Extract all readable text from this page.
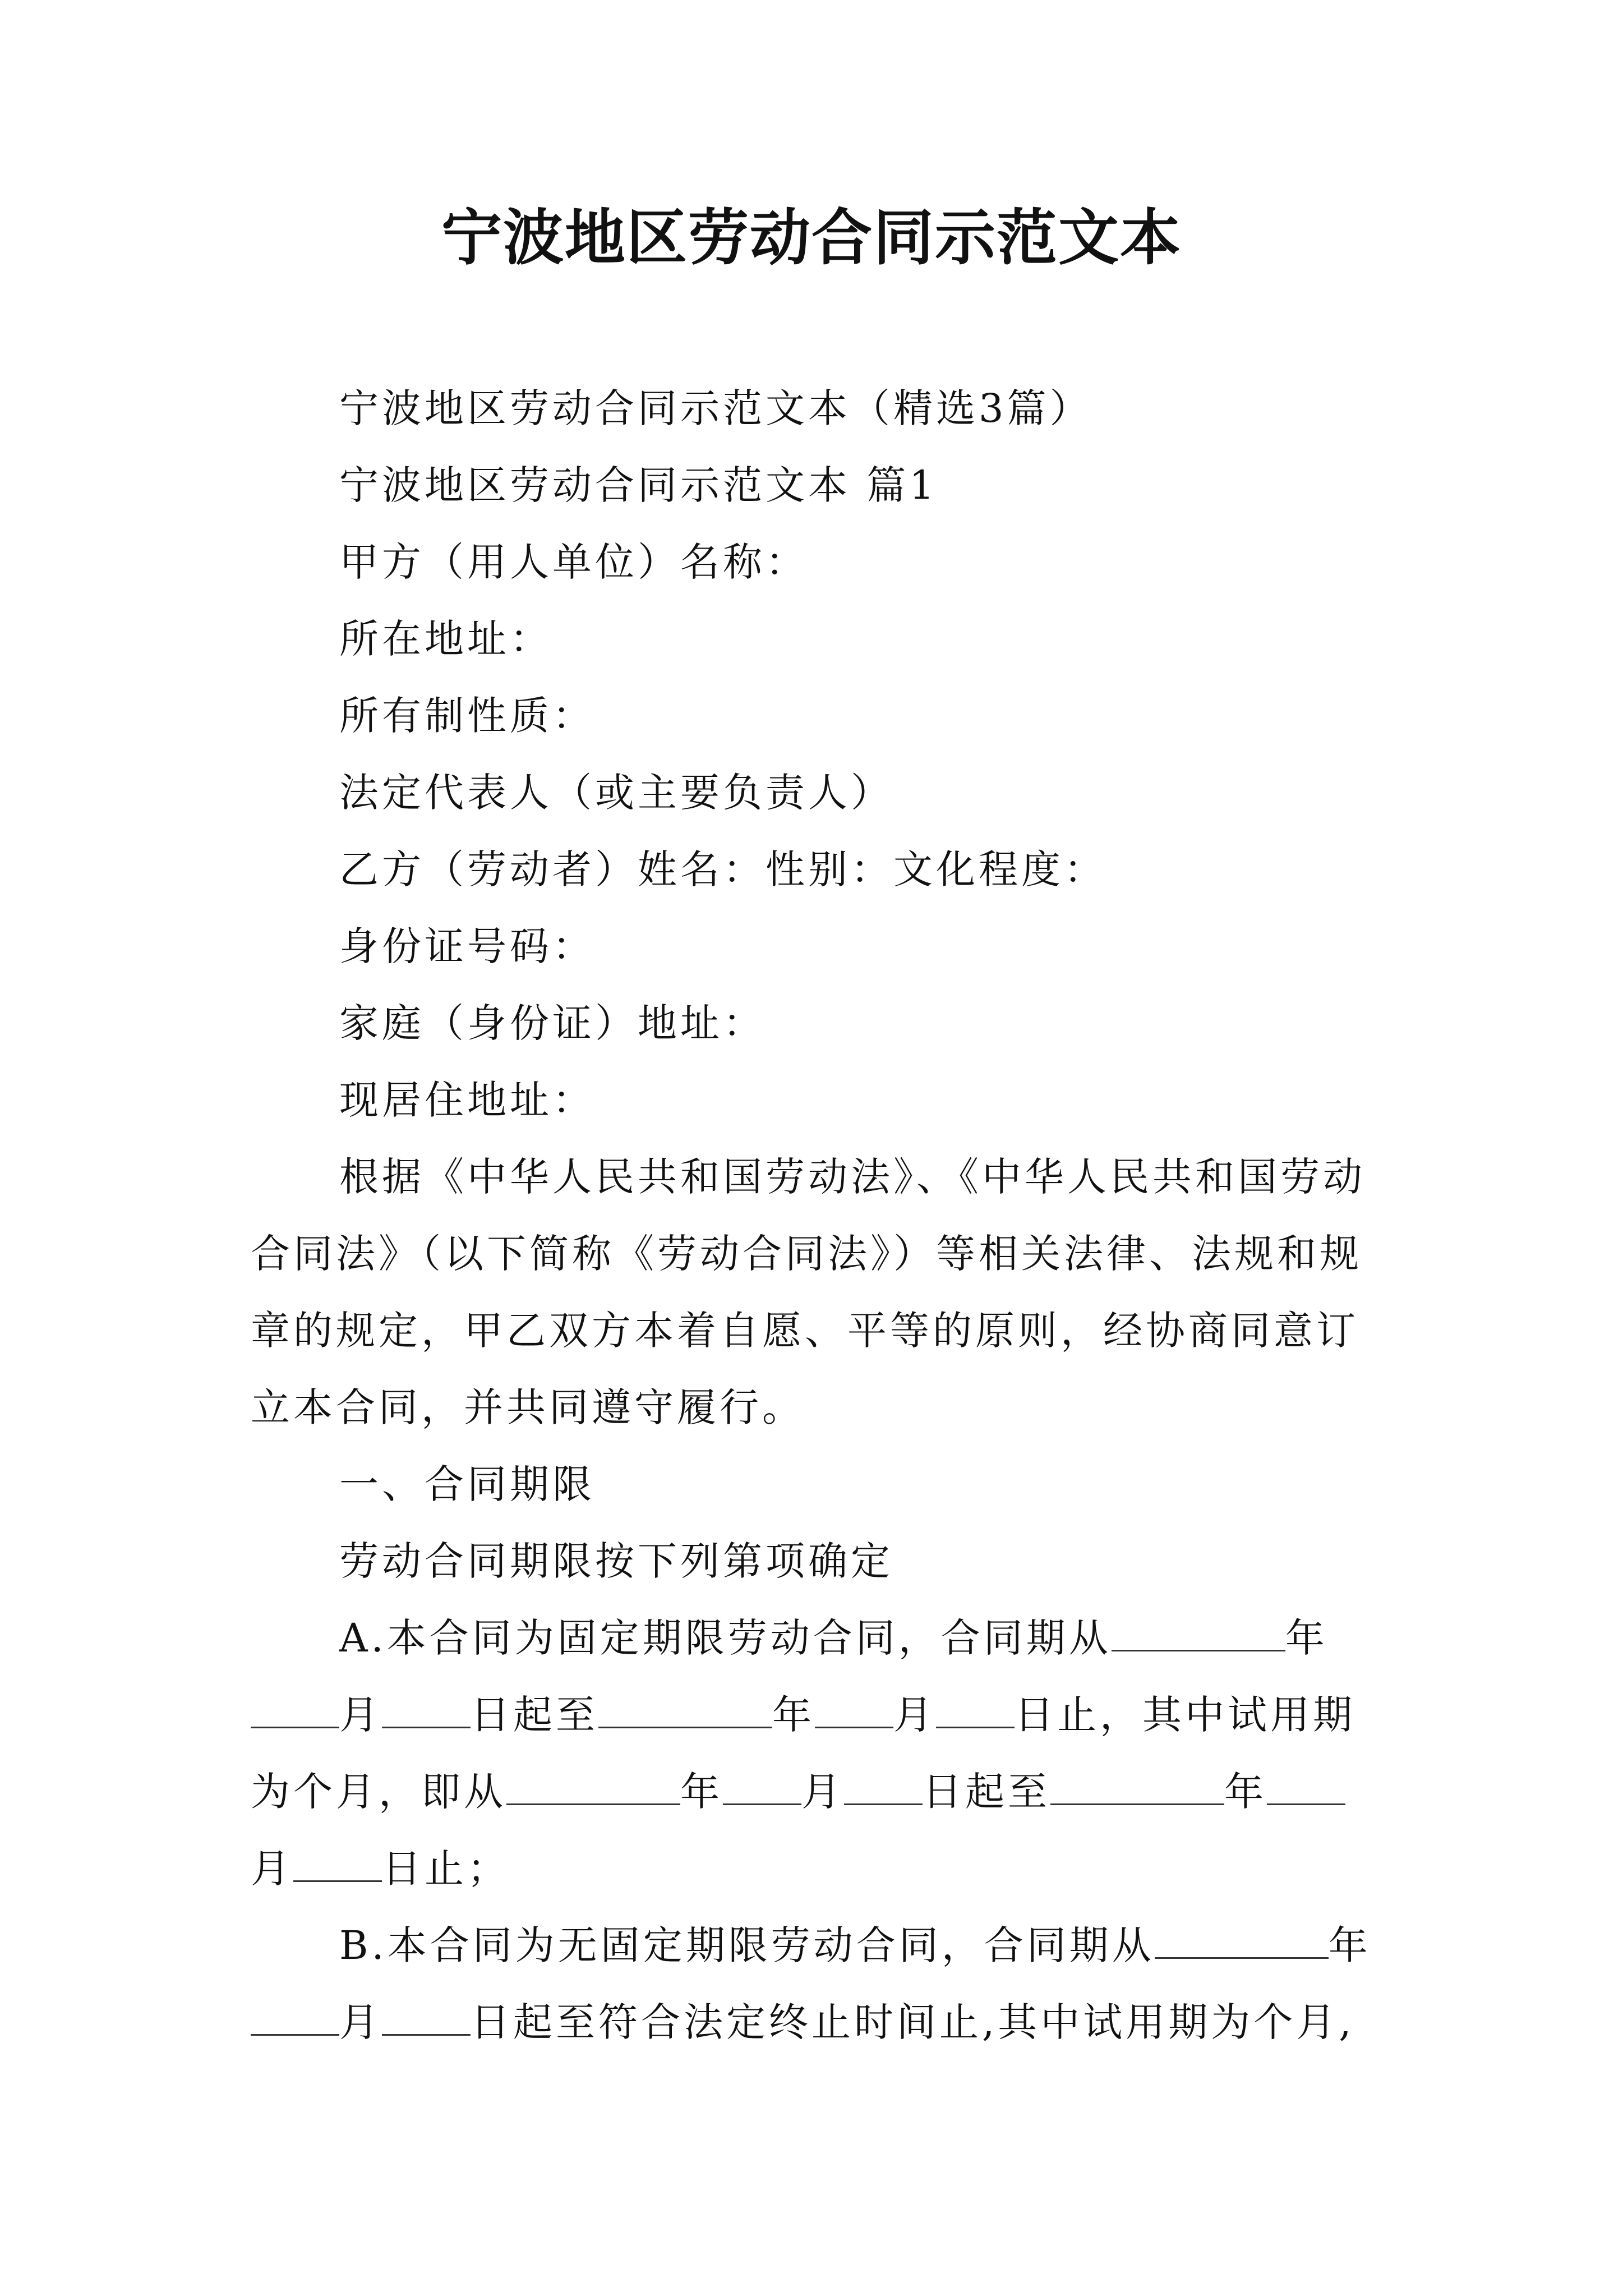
宁波地区劳动合同示范文本
宁波地区劳动合同示范文本（精选3篇）
宁波地区劳动合同示范文本 篇1
甲方（用人单位）名称：
所在地址：
所有制性质：
法定代表人（或主要负责人）
乙方（劳动者）姓名：性别：文化程度：
身份证号码：
家庭（身份证）地址：
现居住地址：
根据《中华人民共和国劳动法》、《中华人民共和国劳动
合同法》（以下简称《劳动合同法》）等相关法律、法规和规
章的规定，甲乙双方本着自愿、平等的原则，经协商同意订
立本合同，并共同遵守履行。
一、合同期限
劳动合同期限按下列第项确定
A.本合同为固定期限劳动合同，合同期从	年
月 日起至	年 月 日止，其中试用期
为个月，即从	年 月 日起至	年
月 日止；
B.本合同为无固定期限劳动合同，合同期从	年
月 日起至符合法定终止时间止,其中试用期为个月,
